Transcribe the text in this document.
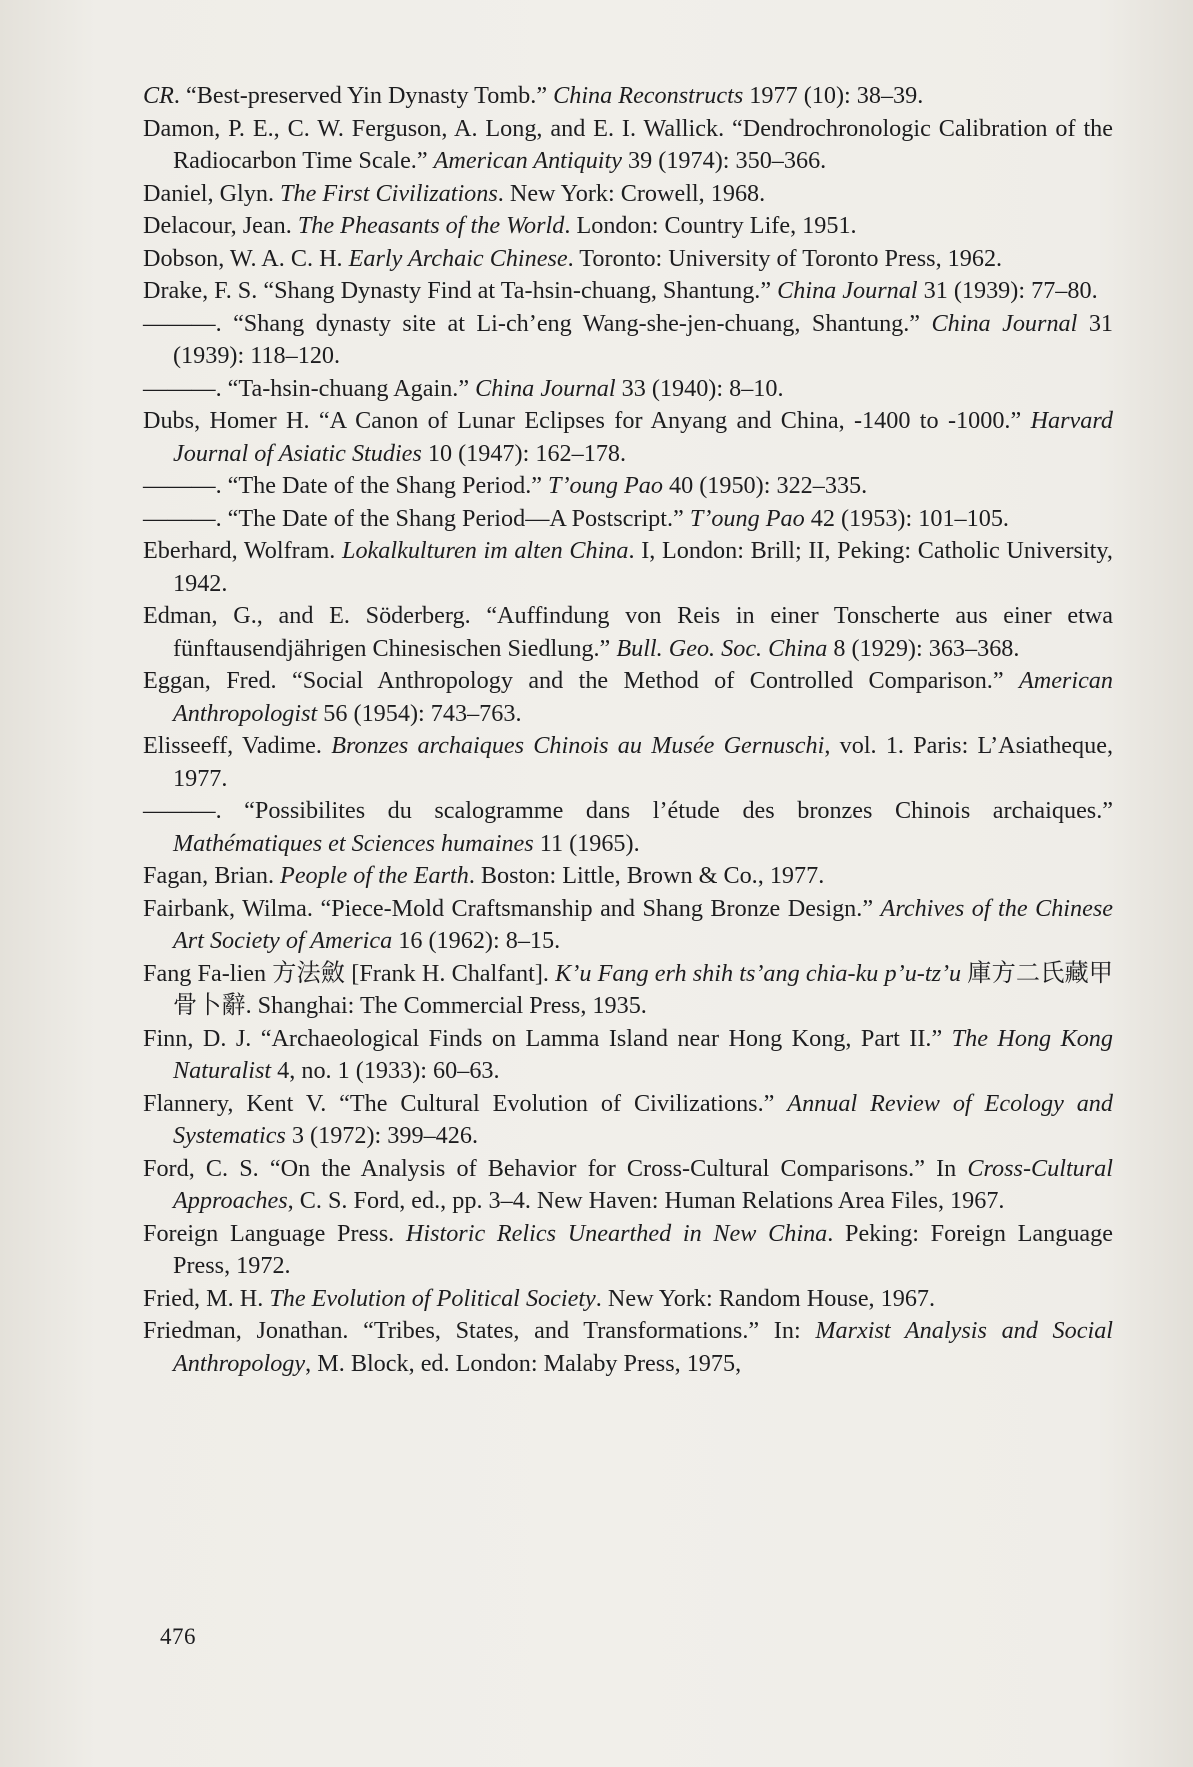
CR. “Best-preserved Yin Dynasty Tomb.” China Reconstructs 1977 (10): 38–39.
Damon, P. E., C. W. Ferguson, A. Long, and E. I. Wallick. “Dendrochronologic Calibration of the Radiocarbon Time Scale.” American Antiquity 39 (1974): 350–366.
Daniel, Glyn. The First Civilizations. New York: Crowell, 1968.
Delacour, Jean. The Pheasants of the World. London: Country Life, 1951.
Dobson, W. A. C. H. Early Archaic Chinese. Toronto: University of Toronto Press, 1962.
Drake, F. S. “Shang Dynasty Find at Ta-hsin-chuang, Shantung.” China Journal 31 (1939): 77–80.
———. “Shang dynasty site at Li-ch’eng Wang-she-jen-chuang, Shantung.” China Journal 31 (1939): 118–120.
———. “Ta-hsin-chuang Again.” China Journal 33 (1940): 8–10.
Dubs, Homer H. “A Canon of Lunar Eclipses for Anyang and China, -1400 to -1000.” Harvard Journal of Asiatic Studies 10 (1947): 162–178.
———. “The Date of the Shang Period.” T’oung Pao 40 (1950): 322–335.
———. “The Date of the Shang Period—A Postscript.” T’oung Pao 42 (1953): 101–105.
Eberhard, Wolfram. Lokalkulturen im alten China. I, London: Brill; II, Peking: Catholic University, 1942.
Edman, G., and E. Söderberg. “Auffindung von Reis in einer Tonscherte aus einer etwa fünftausendjährigen Chinesischen Siedlung.” Bull. Geo. Soc. China 8 (1929): 363–368.
Eggan, Fred. “Social Anthropology and the Method of Controlled Comparison.” American Anthropologist 56 (1954): 743–763.
Elisseeff, Vadime. Bronzes archaiques Chinois au Musée Gernuschi, vol. 1. Paris: L’Asiatheque, 1977.
———. “Possibilites du scalogramme dans l’étude des bronzes Chinois archaiques.” Mathématiques et Sciences humaines 11 (1965).
Fagan, Brian. People of the Earth. Boston: Little, Brown & Co., 1977.
Fairbank, Wilma. “Piece-Mold Craftsmanship and Shang Bronze Design.” Archives of the Chinese Art Society of America 16 (1962): 8–15.
Fang Fa-lien 方法斂 [Frank H. Chalfant]. K’u Fang erh shih ts’ang chia-ku p’u-tz’u 庫方二氏藏甲骨卜辭. Shanghai: The Commercial Press, 1935.
Finn, D. J. “Archaeological Finds on Lamma Island near Hong Kong, Part II.” The Hong Kong Naturalist 4, no. 1 (1933): 60–63.
Flannery, Kent V. “The Cultural Evolution of Civilizations.” Annual Review of Ecology and Systematics 3 (1972): 399–426.
Ford, C. S. “On the Analysis of Behavior for Cross-Cultural Comparisons.” In Cross-Cultural Approaches, C. S. Ford, ed., pp. 3–4. New Haven: Human Relations Area Files, 1967.
Foreign Language Press. Historic Relics Unearthed in New China. Peking: Foreign Language Press, 1972.
Fried, M. H. The Evolution of Political Society. New York: Random House, 1967.
Friedman, Jonathan. “Tribes, States, and Transformations.” In: Marxist Analysis and Social Anthropology, M. Block, ed. London: Malaby Press, 1975,
476
